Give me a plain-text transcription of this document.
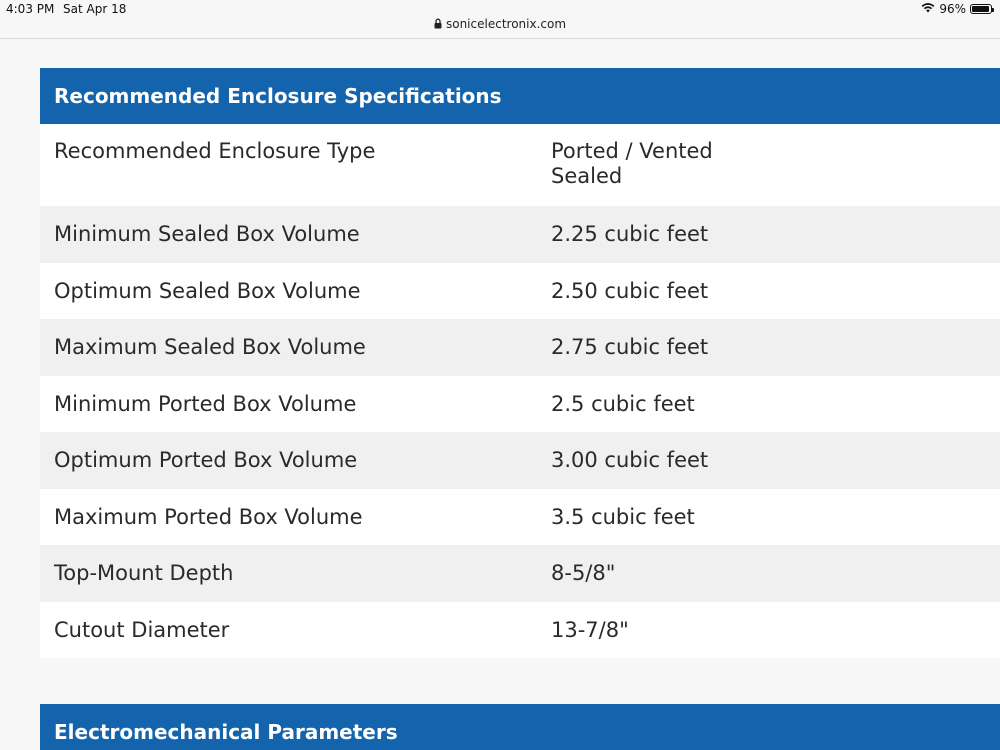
4:03 PM Sat Apr 18	96%
sonicelectronix.com
Recommended Enclosure Specifications
Recommended Enclosure Type	Ported / Vented
Sealed
Minimum Sealed Box Volume	2.25 cubic feet
Optimum Sealed Box Volume	2.50 cubic feet
Maximum Sealed Box Volume	2.75 cubic feet
Minimum Ported Box Volume	2.5 cubic feet
Optimum Ported Box Volume	3.00 cubic feet
Maximum Ported Box Volume	3.5 cubic feet
Top-Mount Depth	8-5/8"
Cutout Diameter	13-7/8"
Electromechanical Parameters
